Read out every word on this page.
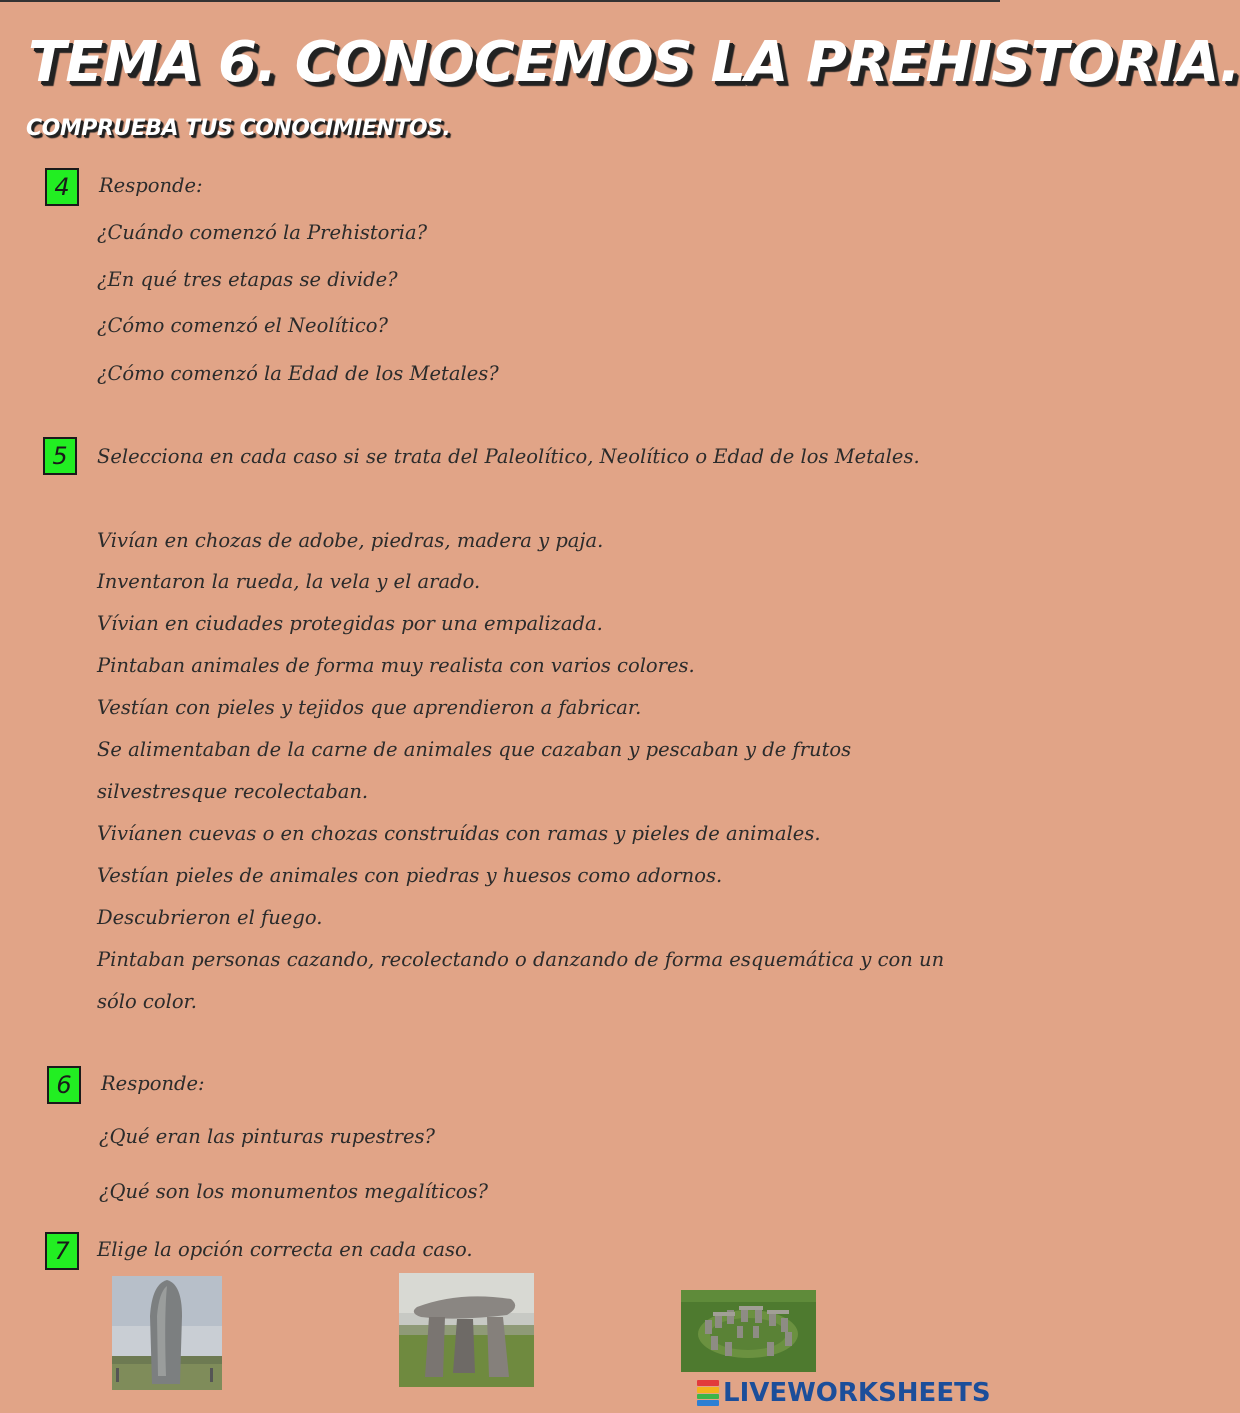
TEMA 6. CONOCEMOS LA PREHISTORIA.
COMPRUEBA TUS CONOCIMIENTOS.
4	Responde:
¿Cuándo comenzó la Prehistoria?
¿En qué tres etapas se divide?
¿Cómo comenzó el Neolítico?
¿Cómo comenzó la Edad de los Metales?
5	Selecciona en cada caso si se trata del Paleolítico, Neolítico o Edad de los Metales.
Vivían en chozas de adobe, piedras, madera y paja.
Inventaron la rueda, la vela y el arado.
Vívian en ciudades protegidas por una empalizada.
Pintaban animales de forma muy realista con varios colores.
Vestían con pieles y tejidos que aprendieron a fabricar.
Se alimentaban de la carne de animales que cazaban y pescaban y de frutos
silvestresque recolectaban.
Vivíanen cuevas o en chozas construídas con ramas y pieles de animales.
Vestían pieles de animales con piedras y huesos como adornos.
Descubrieron el fuego.
Pintaban personas cazando, recolectando o danzando de forma esquemática y con un
sólo color.
6	Responde:
¿Qué eran las pinturas rupestres?
¿Qué son los monumentos megalíticos?
7	Elige la opción correcta en cada caso.
LIVEWORKSHEETS
